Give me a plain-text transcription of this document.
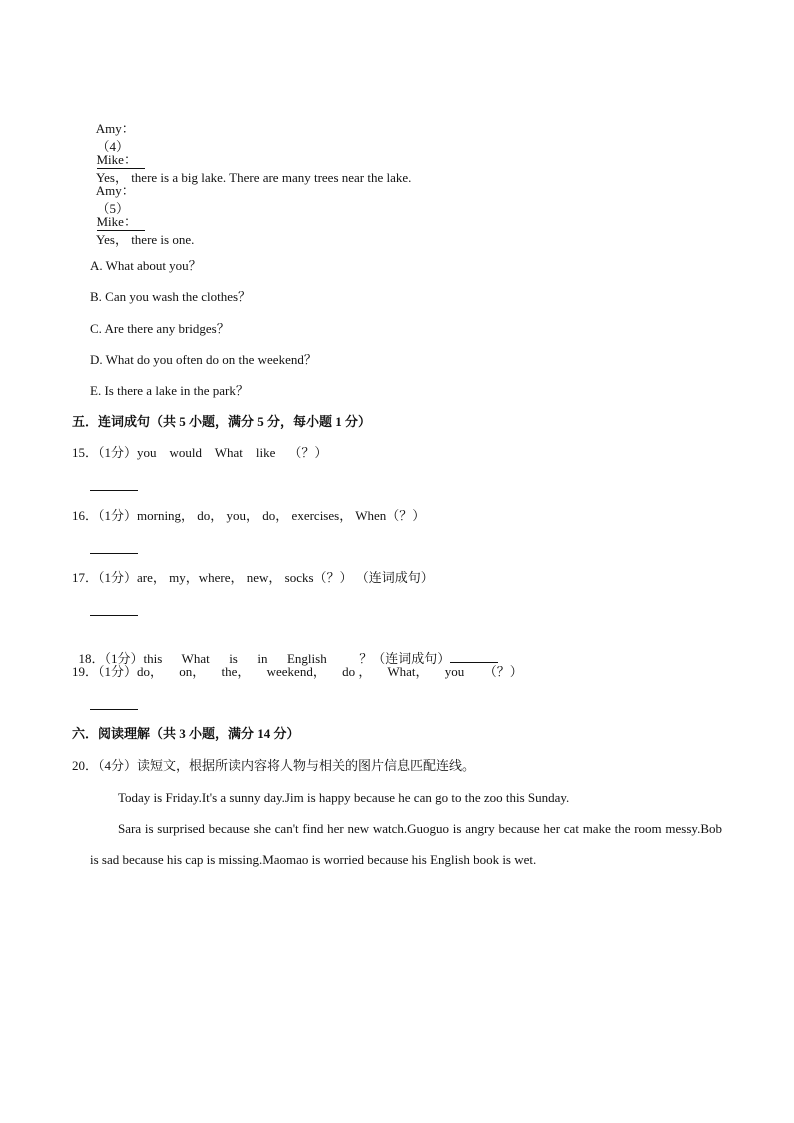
Amy：
（4）

Mike：
Yes， there is a big lake. There are many trees near the lake.

Amy：
（5）

Mike：
Yes， there is one.

A. What about you？
B. Can you wash the clothes？
C. Are there any bridges？
D. What do you often do on the weekend？
E. Is there a lake in the park？
五．连词成句（共 5 小题，满分 5 分，每小题 1 分）
15．（1分）you    would    What    like    （？）
16．（1分）morning， do， you， do， exercises， When（？）
17．（1分）are， my，where， new， socks（？） （连词成句）

18．（1分）this      What      is      in      English          ？（连词成句）

19．（1分）do，     on，     the，     weekend，     do ，     What，     you      （？）
六．阅读理解（共 3 小题，满分 14 分）
20．（4分）读短文，根据所读内容将人物与相关的图片信息匹配连线。
Today is Friday.It's a sunny day.Jim is happy because he can go to the zoo this Sunday.
Sara is surprised because she can't find her new watch.Guoguo is angry because her cat make the room messy.Bob is sad because his cap is missing.Maomao is worried because his English book is wet.
